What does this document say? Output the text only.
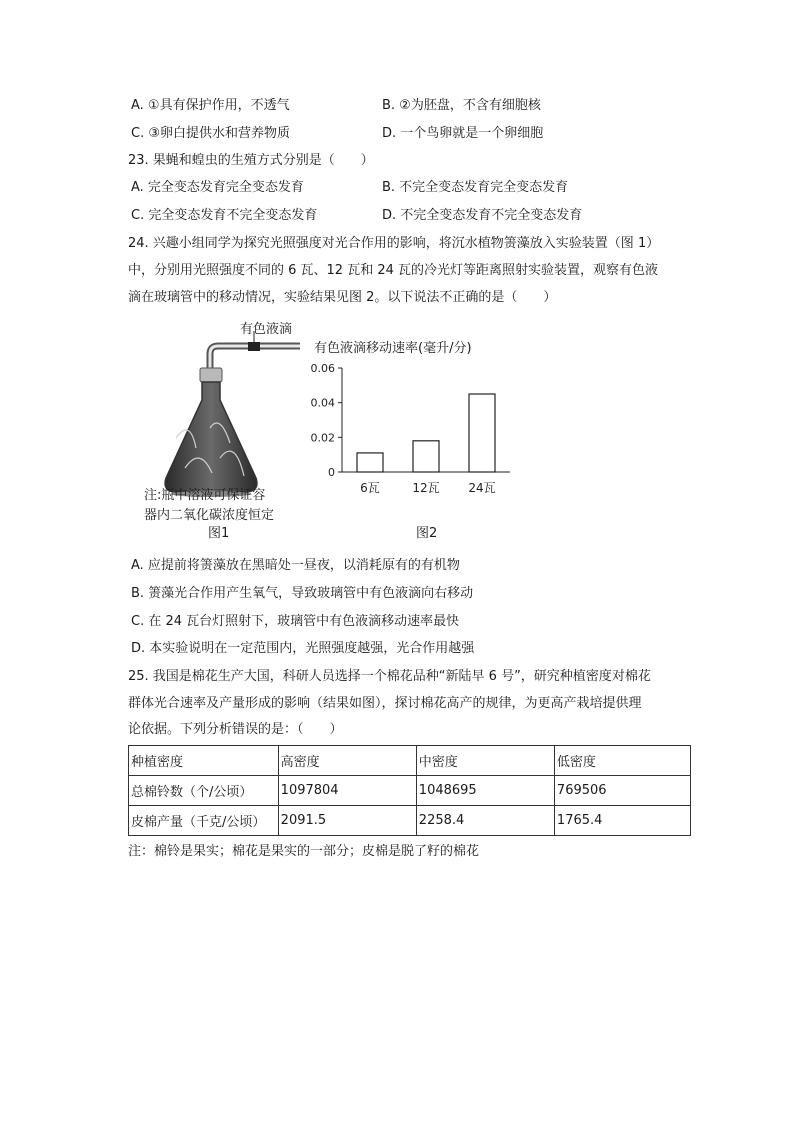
A. ①具有保护作用，不透气	B. ②为胚盘，不含有细胞核
C. ③卵白提供水和营养物质	D. 一个鸟卵就是一个卵细胞
23. 果蝇和蝗虫的生殖方式分别是（　　）
A. 完全变态发育完全变态发育	B. 不完全变态发育完全变态发育
C. 完全变态发育不完全变态发育	D. 不完全变态发育不完全变态发育
24. 兴趣小组同学为探究光照强度对光合作用的影响，将沉水植物箦藻放入实验装置（图 1）
中，分别用光照强度不同的 6 瓦、12 瓦和 24 瓦的冷光灯等距离照射实验装置，观察有色液
滴在玻璃管中的移动情况，实验结果见图 2。以下说法不正确的是（　　）
有色液滴
注:瓶中溶液可保证容
器内二氧化碳浓度恒定
图1
有色液滴移动速率(毫升/分)
0
0.02
0.04
0.06
6瓦	12瓦 24瓦
图2
A. 应提前将箦藻放在黑暗处一昼夜，以消耗原有的有机物
B. 箦藻光合作用产生氧气，导致玻璃管中有色液滴向右移动
C. 在 24 瓦台灯照射下，玻璃管中有色液滴移动速率最快
D. 本实验说明在一定范围内，光照强度越强，光合作用越强
25. 我国是棉花生产大国，科研人员选择一个棉花品种“新陆早 6 号”，研究种植密度对棉花
群体光合速率及产量形成的影响（结果如图），探讨棉花高产的规律，为更高产栽培提供理
论依据。下列分析错误的是：（　　）
种植密度	高密度	中密度	低密度
总棉铃数（个/公顷）	1097804	1048695	769506
皮棉产量（千克/公顷）	2091.5	2258.4	1765.4
注：棉铃是果实；棉花是果实的一部分；皮棉是脱了籽的棉花
